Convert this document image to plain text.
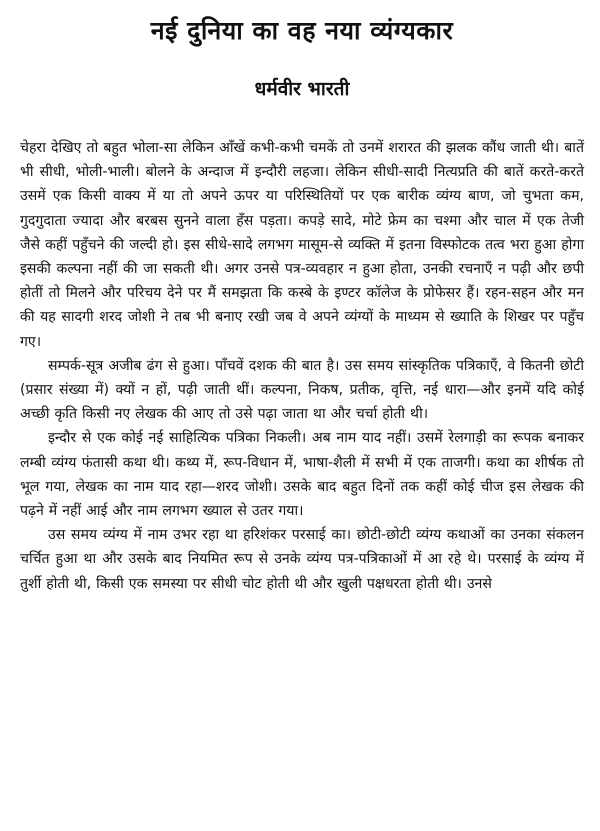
नई दुनिया का वह नया व्यंग्यकार
धर्मवीर भारती

चेहरा देखिए तो बहुत भोला-सा लेकिन आँखें कभी-कभी चमकें तो उनमें शरारत की झलक कौंध जाती थी। बातें भी सीधी, भोली-भाली। बोलने के अन्दाज में इन्दौरी लहजा। लेकिन सीधी-सादी नित्यप्रति की बातें करते-करते उसमें एक किसी वाक्य में या तो अपने ऊपर या परिस्थितियों पर एक बारीक व्यंग्य बाण, जो चुभता कम, गुदगुदाता ज्यादा और बरबस सुनने वाला हँस पड़ता। कपड़े सादे, मोटे फ्रेम का चश्मा और चाल में एक तेजी जैसे कहीं पहुँचने की जल्दी हो। इस सीधे-सादे लगभग मासूम-से व्यक्ति में इतना विस्फोटक तत्व भरा हुआ होगा इसकी कल्पना नहीं की जा सकती थी। अगर उनसे पत्र-व्यवहार न हुआ होता, उनकी रचनाएँ न पढ़ी और छपी होतीं तो मिलने और परिचय देने पर मैं समझता कि कस्बे के इण्टर कॉलेज के प्रोफेसर हैं। रहन-सहन और मन की यह सादगी शरद जोशी ने तब भी बनाए रखी जब वे अपने व्यंग्यों के माध्यम से ख्याति के शिखर पर पहुँच गए।

सम्पर्क-सूत्र अजीब ढंग से हुआ। पाँचवें दशक की बात है। उस समय सांस्कृतिक पत्रिकाएँ, वे कितनी छोटी (प्रसार संख्या में) क्यों न हों, पढ़ी जाती थीं। कल्पना, निकष, प्रतीक, वृत्ति, नई धारा—और इनमें यदि कोई अच्छी कृति किसी नए लेखक की आए तो उसे पढ़ा जाता था और चर्चा होती थी।

इन्दौर से एक कोई नई साहित्यिक पत्रिका निकली। अब नाम याद नहीं। उसमें रेलगाड़ी का रूपक बनाकर लम्बी व्यंग्य फंतासी कथा थी। कथ्य में, रूप-विधान में, भाषा-शैली में सभी में एक ताजगी। कथा का शीर्षक तो भूल गया, लेखक का नाम याद रहा—शरद जोशी। उसके बाद बहुत दिनों तक कहीं कोई चीज इस लेखक की पढ़ने में नहीं आई और नाम लगभग ख्याल से उतर गया।

उस समय व्यंग्य में नाम उभर रहा था हरिशंकर परसाई का। छोटी-छोटी व्यंग्य कथाओं का उनका संकलन चर्चित हुआ था और उसके बाद नियमित रूप से उनके व्यंग्य पत्र-पत्रिकाओं में आ रहे थे। परसाई के व्यंग्य में तुर्शी होती थी, किसी एक समस्या पर सीधी चोट होती थी और खुली पक्षधरता होती थी। उनसे
